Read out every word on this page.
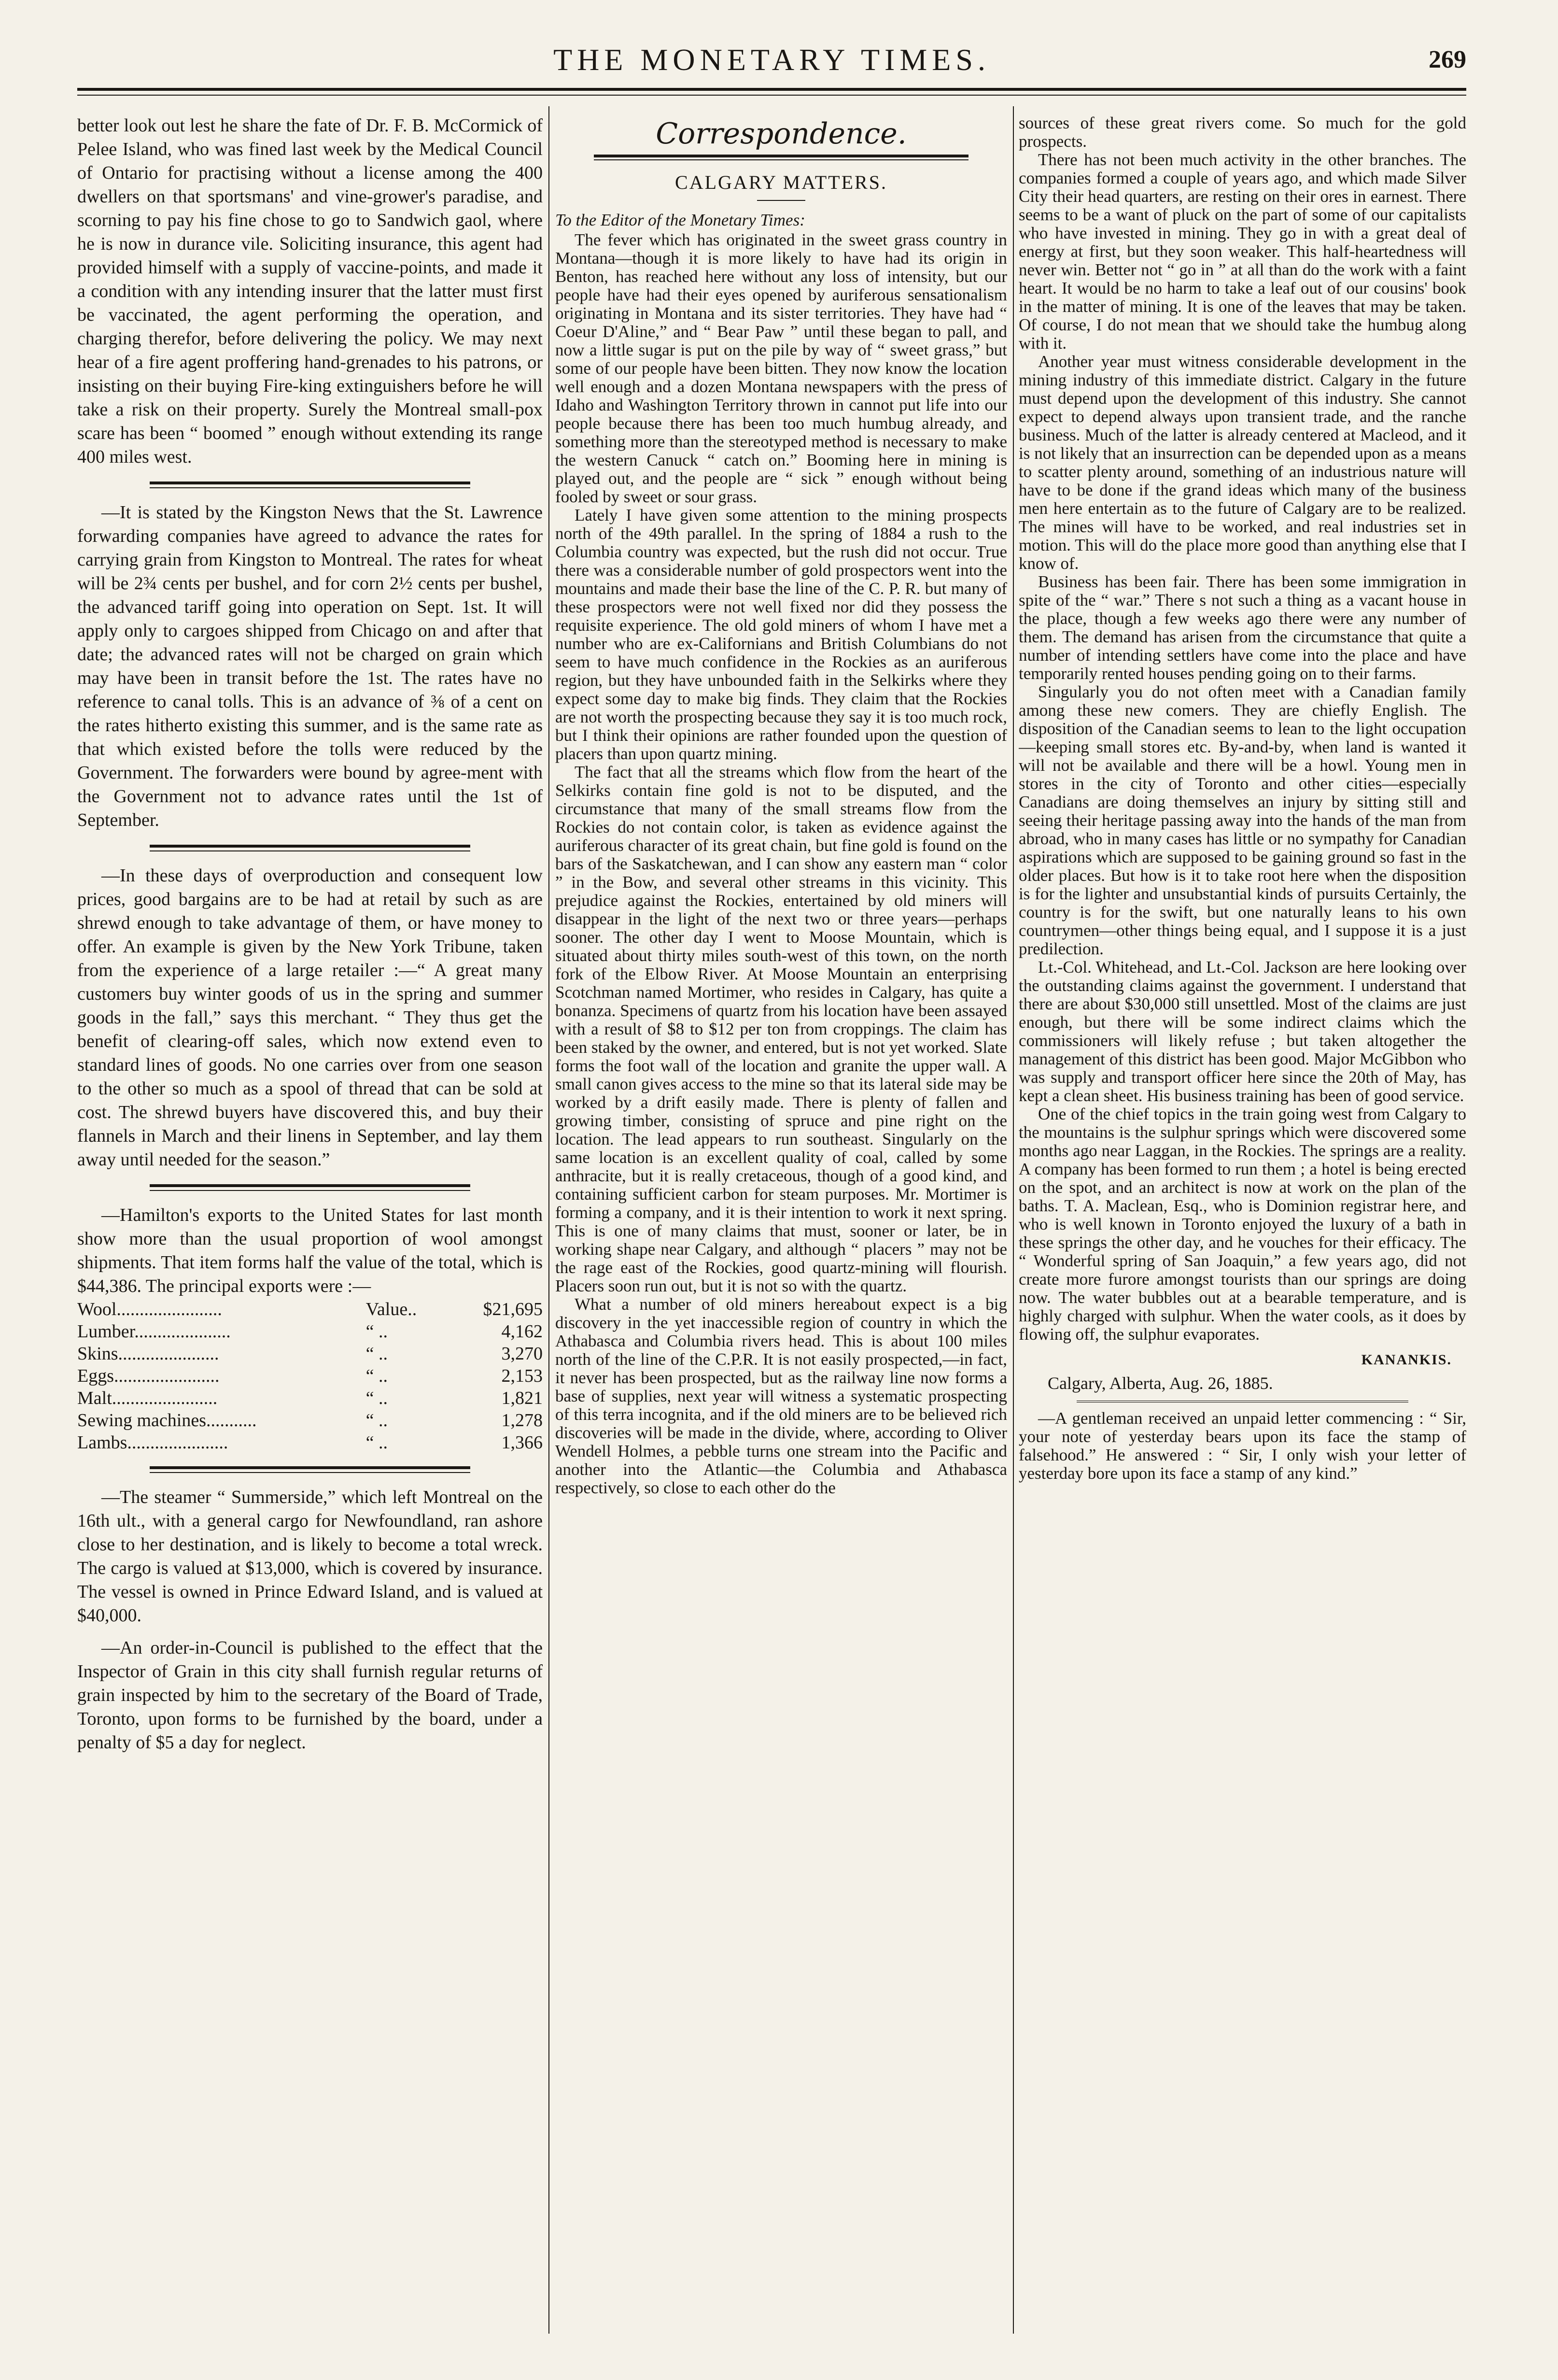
THE MONETARY TIMES.	269

better look out lest he share the fate of Dr. F. B. McCormick of Pelee Island, who was fined last week by the Medical Council of Ontario for practising without a license among the 400 dwellers on that sportsmans' and vine-grower's paradise, and scorning to pay his fine chose to go to Sandwich gaol, where he is now in durance vile. Soliciting insurance, this agent had provided himself with a supply of vaccine-points, and made it a condition with any intending insurer that the latter must first be vaccinated, the agent performing the operation, and charging therefor, before delivering the policy. We may next hear of a fire agent proffering hand-grenades to his patrons, or insisting on their buying Fire-king extinguishers before he will take a risk on their property. Surely the Montreal small-pox scare has been “ boomed ” enough without extending its range 400 miles west.

—It is stated by the Kingston News that the St. Lawrence forwarding companies have agreed to advance the rates for carrying grain from Kingston to Montreal. The rates for wheat will be 2¾ cents per bushel, and for corn 2½ cents per bushel, the advanced tariff going into operation on Sept. 1st. It will apply only to cargoes shipped from Chicago on and after that date; the advanced rates will not be charged on grain which may have been in transit before the 1st. The rates have no reference to canal tolls. This is an advance of ⅜ of a cent on the rates hitherto existing this summer, and is the same rate as that which existed before the tolls were reduced by the Government. The forwarders were bound by agree-ment with the Government not to advance rates until the 1st of September.

—In these days of overproduction and consequent low prices, good bargains are to be had at retail by such as are shrewd enough to take advantage of them, or have money to offer. An example is given by the New York Tribune, taken from the experience of a large retailer :—“ A great many customers buy winter goods of us in the spring and summer goods in the fall,” says this merchant. “ They thus get the benefit of clearing-off sales, which now extend even to standard lines of goods. No one carries over from one season to the other so much as a spool of thread that can be sold at cost. The shrewd buyers have discovered this, and buy their flannels in March and their linens in September, and lay them away until needed for the season.”

—Hamilton's exports to the United States for last month show more than the usual proportion of wool amongst shipments. That item forms half the value of the total, which is $44,386. The principal exports were :—

Wool.......................	Value..	$21,695
Lumber.....................	“ ..	4,162
Skins......................	“ ..	3,270
Eggs.......................	“ ..	2,153
Malt.......................	“ ..	1,821
Sewing machines...........	“ ..	1,278
Lambs......................	“ ..	1,366

—The steamer “ Summerside,” which left Montreal on the 16th ult., with a general cargo for Newfoundland, ran ashore close to her destination, and is likely to become a total wreck. The cargo is valued at $13,000, which is covered by insurance. The vessel is owned in Prince Edward Island, and is valued at $40,000.

—An order-in-Council is published to the effect that the Inspector of Grain in this city shall furnish regular returns of grain inspected by him to the secretary of the Board of Trade, Toronto, upon forms to be furnished by the board, under a penalty of $5 a day for neglect.

Correspondence.
CALGARY MATTERS.
To the Editor of the Monetary Times:

The fever which has originated in the sweet grass country in Montana—though it is more likely to have had its origin in Benton, has reached here without any loss of intensity, but our people have had their eyes opened by auriferous sensationalism originating in Montana and its sister territories. They have had “ Coeur D'Aline,” and “ Bear Paw ” until these began to pall, and now a little sugar is put on the pile by way of “ sweet grass,” but some of our people have been bitten. They now know the location well enough and a dozen Montana newspapers with the press of Idaho and Washington Territory thrown in cannot put life into our people because there has been too much humbug already, and something more than the stereotyped method is necessary to make the western Canuck “ catch on.” Booming here in mining is played out, and the people are “ sick ” enough without being fooled by sweet or sour grass.

Lately I have given some attention to the mining prospects north of the 49th parallel. In the spring of 1884 a rush to the Columbia country was expected, but the rush did not occur. True there was a considerable number of gold prospectors went into the mountains and made their base the line of the C. P. R. but many of these prospectors were not well fixed nor did they possess the requisite experience. The old gold miners of whom I have met a number who are ex-Californians and British Columbians do not seem to have much confidence in the Rockies as an auriferous region, but they have unbounded faith in the Selkirks where they expect some day to make big finds. They claim that the Rockies are not worth the prospecting because they say it is too much rock, but I think their opinions are rather founded upon the question of placers than upon quartz mining.

The fact that all the streams which flow from the heart of the Selkirks contain fine gold is not to be disputed, and the circumstance that many of the small streams flow from the Rockies do not contain color, is taken as evidence against the auriferous character of its great chain, but fine gold is found on the bars of the Saskatchewan, and I can show any eastern man “ color ” in the Bow, and several other streams in this vicinity. This prejudice against the Rockies, entertained by old miners will disappear in the light of the next two or three years—perhaps sooner. The other day I went to Moose Mountain, which is situated about thirty miles south-west of this town, on the north fork of the Elbow River. At Moose Mountain an enterprising Scotchman named Mortimer, who resides in Calgary, has quite a bonanza. Specimens of quartz from his location have been assayed with a result of $8 to $12 per ton from croppings. The claim has been staked by the owner, and entered, but is not yet worked. Slate forms the foot wall of the location and granite the upper wall. A small canon gives access to the mine so that its lateral side may be worked by a drift easily made. There is plenty of fallen and growing timber, consisting of spruce and pine right on the location. The lead appears to run southeast. Singularly on the same location is an excellent quality of coal, called by some anthracite, but it is really cretaceous, though of a good kind, and containing sufficient carbon for steam purposes. Mr. Mortimer is forming a company, and it is their intention to work it next spring. This is one of many claims that must, sooner or later, be in working shape near Calgary, and although “ placers ” may not be the rage east of the Rockies, good quartz-mining will flourish. Placers soon run out, but it is not so with the quartz.

What a number of old miners hereabout expect is a big discovery in the yet inaccessible region of country in which the Athabasca and Columbia rivers head. This is about 100 miles north of the line of the C.P.R. It is not easily prospected,—in fact, it never has been prospected, but as the railway line now forms a base of supplies, next year will witness a systematic prospecting of this terra incognita, and if the old miners are to be believed rich discoveries will be made in the divide, where, according to Oliver Wendell Holmes, a pebble turns one stream into the Pacific and another into the Atlantic—the Columbia and Athabasca respectively, so close to each other do the

sources of these great rivers come. So much for the gold prospects.

There has not been much activity in the other branches. The companies formed a couple of years ago, and which made Silver City their head quarters, are resting on their ores in earnest. There seems to be a want of pluck on the part of some of our capitalists who have invested in mining. They go in with a great deal of energy at first, but they soon weaker. This half-heartedness will never win. Better not “ go in ” at all than do the work with a faint heart. It would be no harm to take a leaf out of our cousins' book in the matter of mining. It is one of the leaves that may be taken. Of course, I do not mean that we should take the humbug along with it.

Another year must witness considerable development in the mining industry of this immediate district. Calgary in the future must depend upon the development of this industry. She cannot expect to depend always upon transient trade, and the ranche business. Much of the latter is already centered at Macleod, and it is not likely that an insurrection can be depended upon as a means to scatter plenty around, something of an industrious nature will have to be done if the grand ideas which many of the business men here entertain as to the future of Calgary are to be realized. The mines will have to be worked, and real industries set in motion. This will do the place more good than anything else that I know of.

Business has been fair. There has been some immigration in spite of the “ war.” There s not such a thing as a vacant house in the place, though a few weeks ago there were any number of them. The demand has arisen from the circumstance that quite a number of intending settlers have come into the place and have temporarily rented houses pending going on to their farms.

Singularly you do not often meet with a Canadian family among these new comers. They are chiefly English. The disposition of the Canadian seems to lean to the light occupation—keeping small stores etc. By-and-by, when land is wanted it will not be available and there will be a howl. Young men in stores in the city of Toronto and other cities—especially Canadians are doing themselves an injury by sitting still and seeing their heritage passing away into the hands of the man from abroad, who in many cases has little or no sympathy for Canadian aspirations which are supposed to be gaining ground so fast in the older places. But how is it to take root here when the disposition is for the lighter and unsubstantial kinds of pursuits Certainly, the country is for the swift, but one naturally leans to his own countrymen—other things being equal, and I suppose it is a just predilection.

Lt.-Col. Whitehead, and Lt.-Col. Jackson are here looking over the outstanding claims against the government. I understand that there are about $30,000 still unsettled. Most of the claims are just enough, but there will be some indirect claims which the commissioners will likely refuse ; but taken altogether the management of this district has been good. Major McGibbon who was supply and transport officer here since the 20th of May, has kept a clean sheet. His business training has been of good service.

One of the chief topics in the train going west from Calgary to the mountains is the sulphur springs which were discovered some months ago near Laggan, in the Rockies. The springs are a reality. A company has been formed to run them ; a hotel is being erected on the spot, and an architect is now at work on the plan of the baths. T. A. Maclean, Esq., who is Dominion registrar here, and who is well known in Toronto enjoyed the luxury of a bath in these springs the other day, and he vouches for their efficacy. The “ Wonderful spring of San Joaquin,” a few years ago, did not create more furore amongst tourists than our springs are doing now. The water bubbles out at a bearable temperature, and is highly charged with sulphur. When the water cools, as it does by flowing off, the sulphur evaporates.

KANANKIS.
Calgary, Alberta, Aug. 26, 1885.

—A gentleman received an unpaid letter commencing : “ Sir, your note of yesterday bears upon its face the stamp of falsehood.” He answered : “ Sir, I only wish your letter of yesterday bore upon its face a stamp of any kind.”
